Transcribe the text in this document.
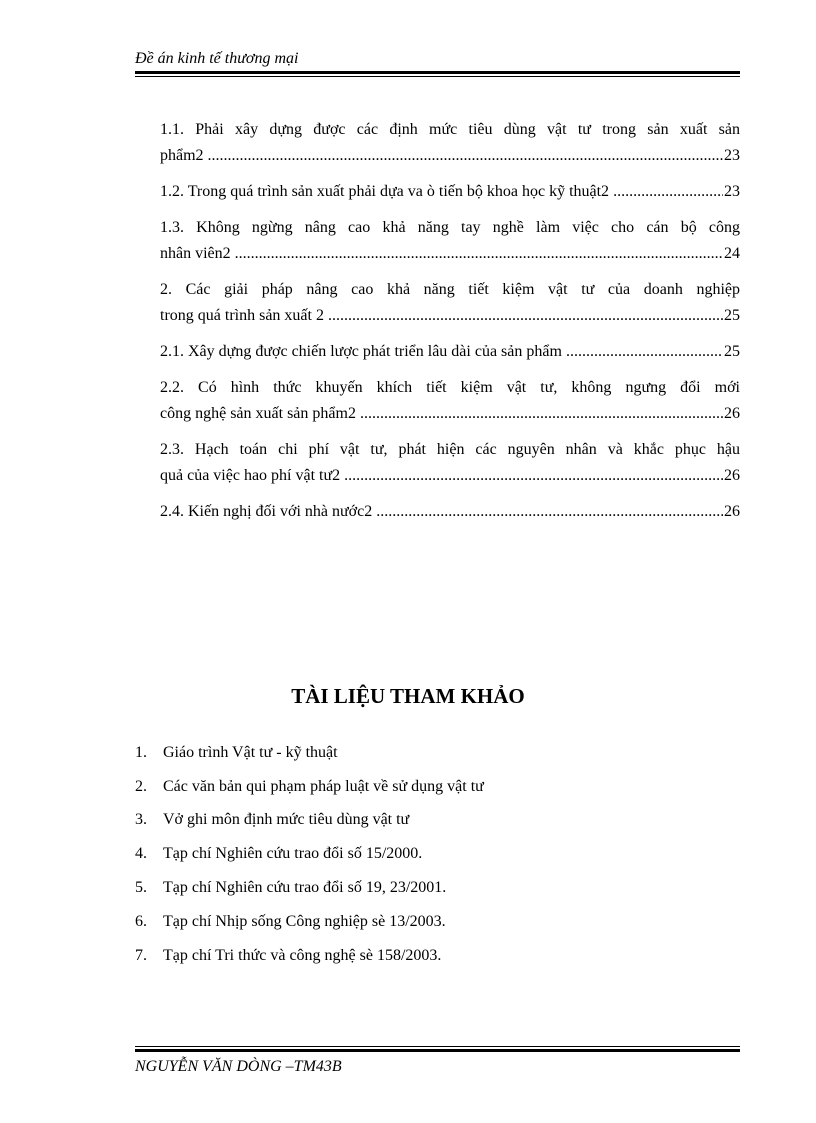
Đề án kinh tế thương mại
1.1. Phải xây dựng được các định mức tiêu dùng vật tư trong sản xuất sản
phẩm2 .....	23
1.2. Trong quá trình sản xuất phải dựa va ò tiến bộ khoa học kỹ thuật2 .....	23
1.3. Không ngừng nâng cao khả năng tay nghề làm việc cho cán bộ công
nhân viên2 .....	24
2. Các giải pháp nâng cao khả năng tiết kiệm vật tư của doanh nghiệp
trong quá trình sản xuất 2 .....	25
2.1. Xây dựng được chiến lược phát triển lâu dài của sản phẩm .....	25
2.2. Có hình thức khuyến khích tiết kiệm vật tư, không ngưng đổi mới
công nghệ sản xuất sản phẩm2 .....	26
2.3. Hạch toán chi phí vật tư, phát hiện các nguyên nhân và khắc phục hậu
quả của việc hao phí vật tư2 .....	26
2.4. Kiến nghị đối với nhà nước2 .....	26
TÀI LIỆU THAM KHẢO
1.	Giáo trình Vật tư - kỹ thuật
2.	Các văn bản qui phạm pháp luật về sử dụng vật tư
3.	Vở ghi môn định mức tiêu dùng vật tư
4.	Tạp chí Nghiên cứu trao đổi số 15/2000.
5.	Tạp chí Nghiên cứu trao đổi số 19, 23/2001.
6.	Tạp chí Nhịp sống Công nghiệp sè 13/2003.
7.	Tạp chí Tri thức và công nghệ sè 158/2003.
NGUYỄN VĂN DÒNG –TM43B
